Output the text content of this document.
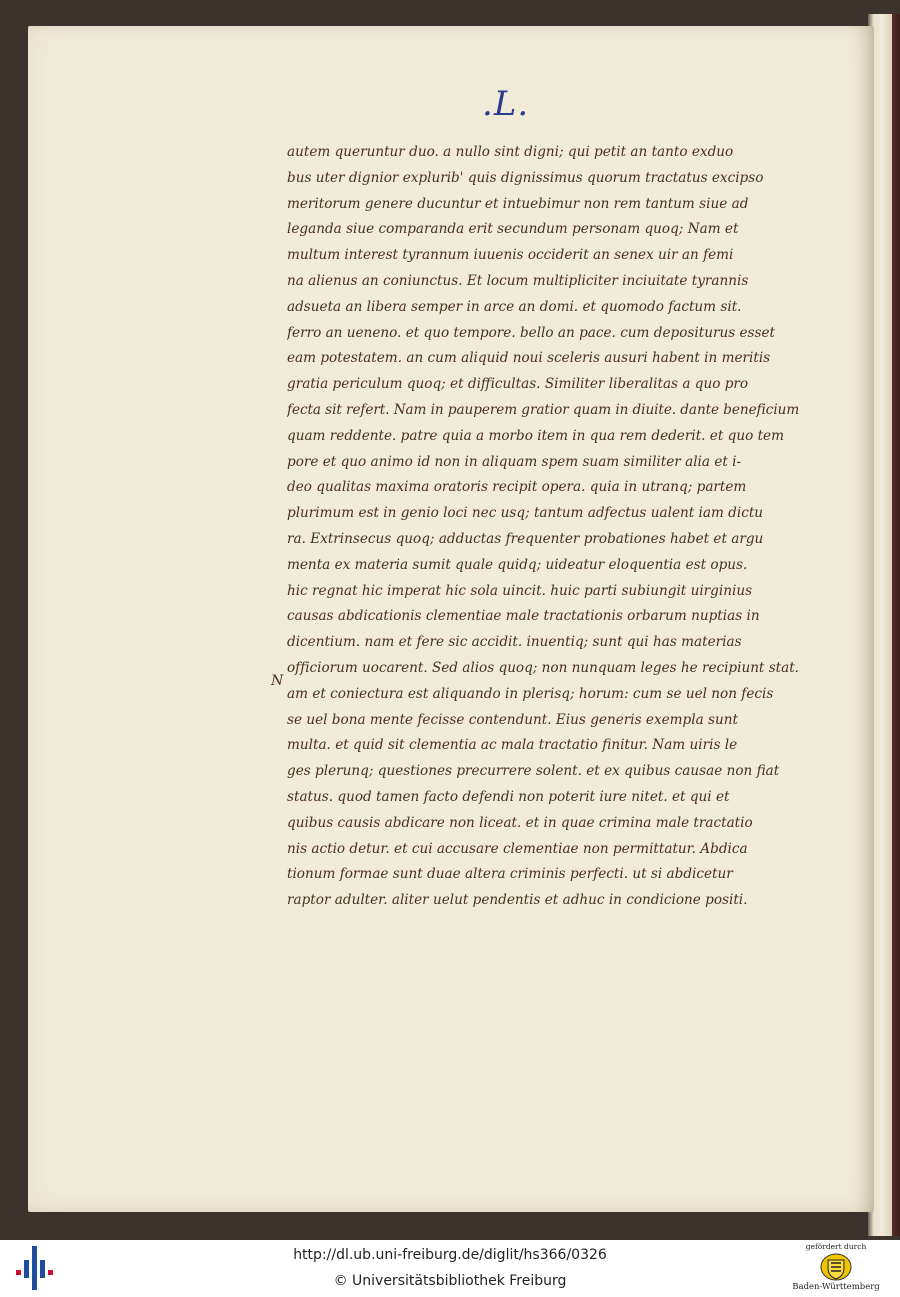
.L.
N
autem queruntur duo. a nullo sint digni; qui petit an tanto exduo
bus uter dignior explurib' quis dignissimus quorum tractatus excipso
meritorum genere ducuntur et intuebimur non rem tantum siue ad
leganda siue comparanda erit secundum personam quoq; Nam et
multum interest tyrannum iuuenis occiderit an senex uir an femi
na alienus an coniunctus. Et locum multipliciter inciuitate tyrannis
adsueta an libera semper in arce an domi. et quomodo factum sit.
ferro an ueneno. et quo tempore. bello an pace. cum depositurus esset
eam potestatem. an cum aliquid noui sceleris ausuri habent in meritis
gratia periculum quoq; et difficultas. Similiter liberalitas a quo pro
fecta sit refert. Nam in pauperem gratior quam in diuite. dante beneficium
quam reddente. patre quia a morbo item in qua rem dederit. et quo tem
pore et quo animo id non in aliquam spem suam similiter alia et i-
deo qualitas maxima oratoris recipit opera. quia in utranq; partem
plurimum est in genio loci nec usq; tantum adfectus ualent iam dictu
ra. Extrinsecus quoq; adductas frequenter probationes habet et argu
menta ex materia sumit quale quidq; uideatur eloquentia est opus.
hic regnat hic imperat hic sola uincit. huic parti subiungit uirginius
causas abdicationis clementiae male tractationis orbarum nuptias in
dicentium. nam et fere sic accidit. inuentiq; sunt qui has materias
officiorum uocarent. Sed alios quoq; non nunquam leges he recipiunt stat.
am et coniectura est aliquando in plerisq; horum: cum se uel non fecis
se uel bona mente fecisse contendunt. Eius generis exempla sunt
multa. et quid sit clementia ac mala tractatio finitur. Nam uiris le
ges plerunq; questiones precurrere solent. et ex quibus causae non fiat
status. quod tamen facto defendi non poterit iure nitet. et qui et
quibus causis abdicare non liceat. et in quae crimina male tractatio
nis actio detur. et cui accusare clementiae non permittatur. Abdica
tionum formae sunt duae altera criminis perfecti. ut si abdicetur
raptor adulter. aliter uelut pendentis et adhuc in condicione positi.
http://dl.ub.uni-freiburg.de/diglit/hs366/0326
© Universitätsbibliothek Freiburg
gefördert durch
Baden-Württemberg
